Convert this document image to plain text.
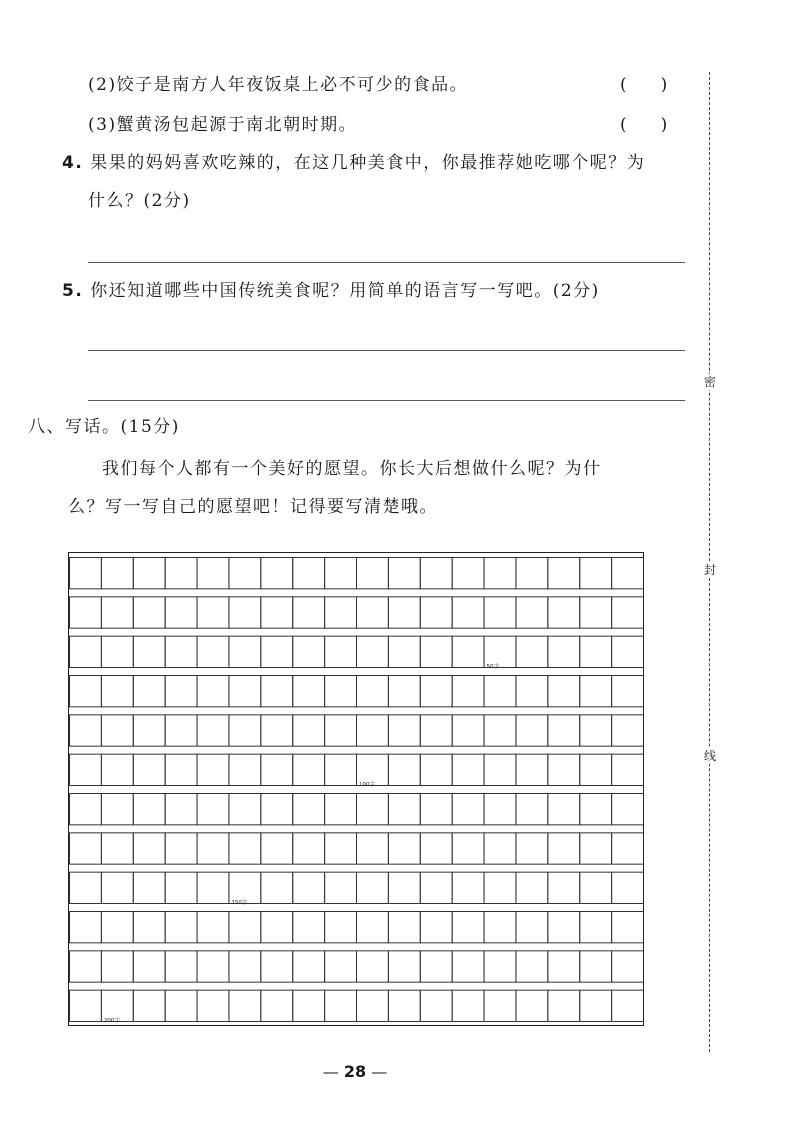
(2)饺子是南方人年夜饭桌上必不可少的食品。	(　　)
(3)蟹黄汤包起源于南北朝时期。	(　　)
4. 果果的妈妈喜欢吃辣的，在这几种美食中，你最推荐她吃哪个呢？为
什么？(2分)
5. 你还知道哪些中国传统美食呢？用简单的语言写一写吧。(2分)
八、写话。(15分)
我们每个人都有一个美好的愿望。你长大后想做什么呢？为什
么？写一写自己的愿望吧！记得要写清楚哦。
50字
100字
150字
200字
密
封
线
— 28 —
